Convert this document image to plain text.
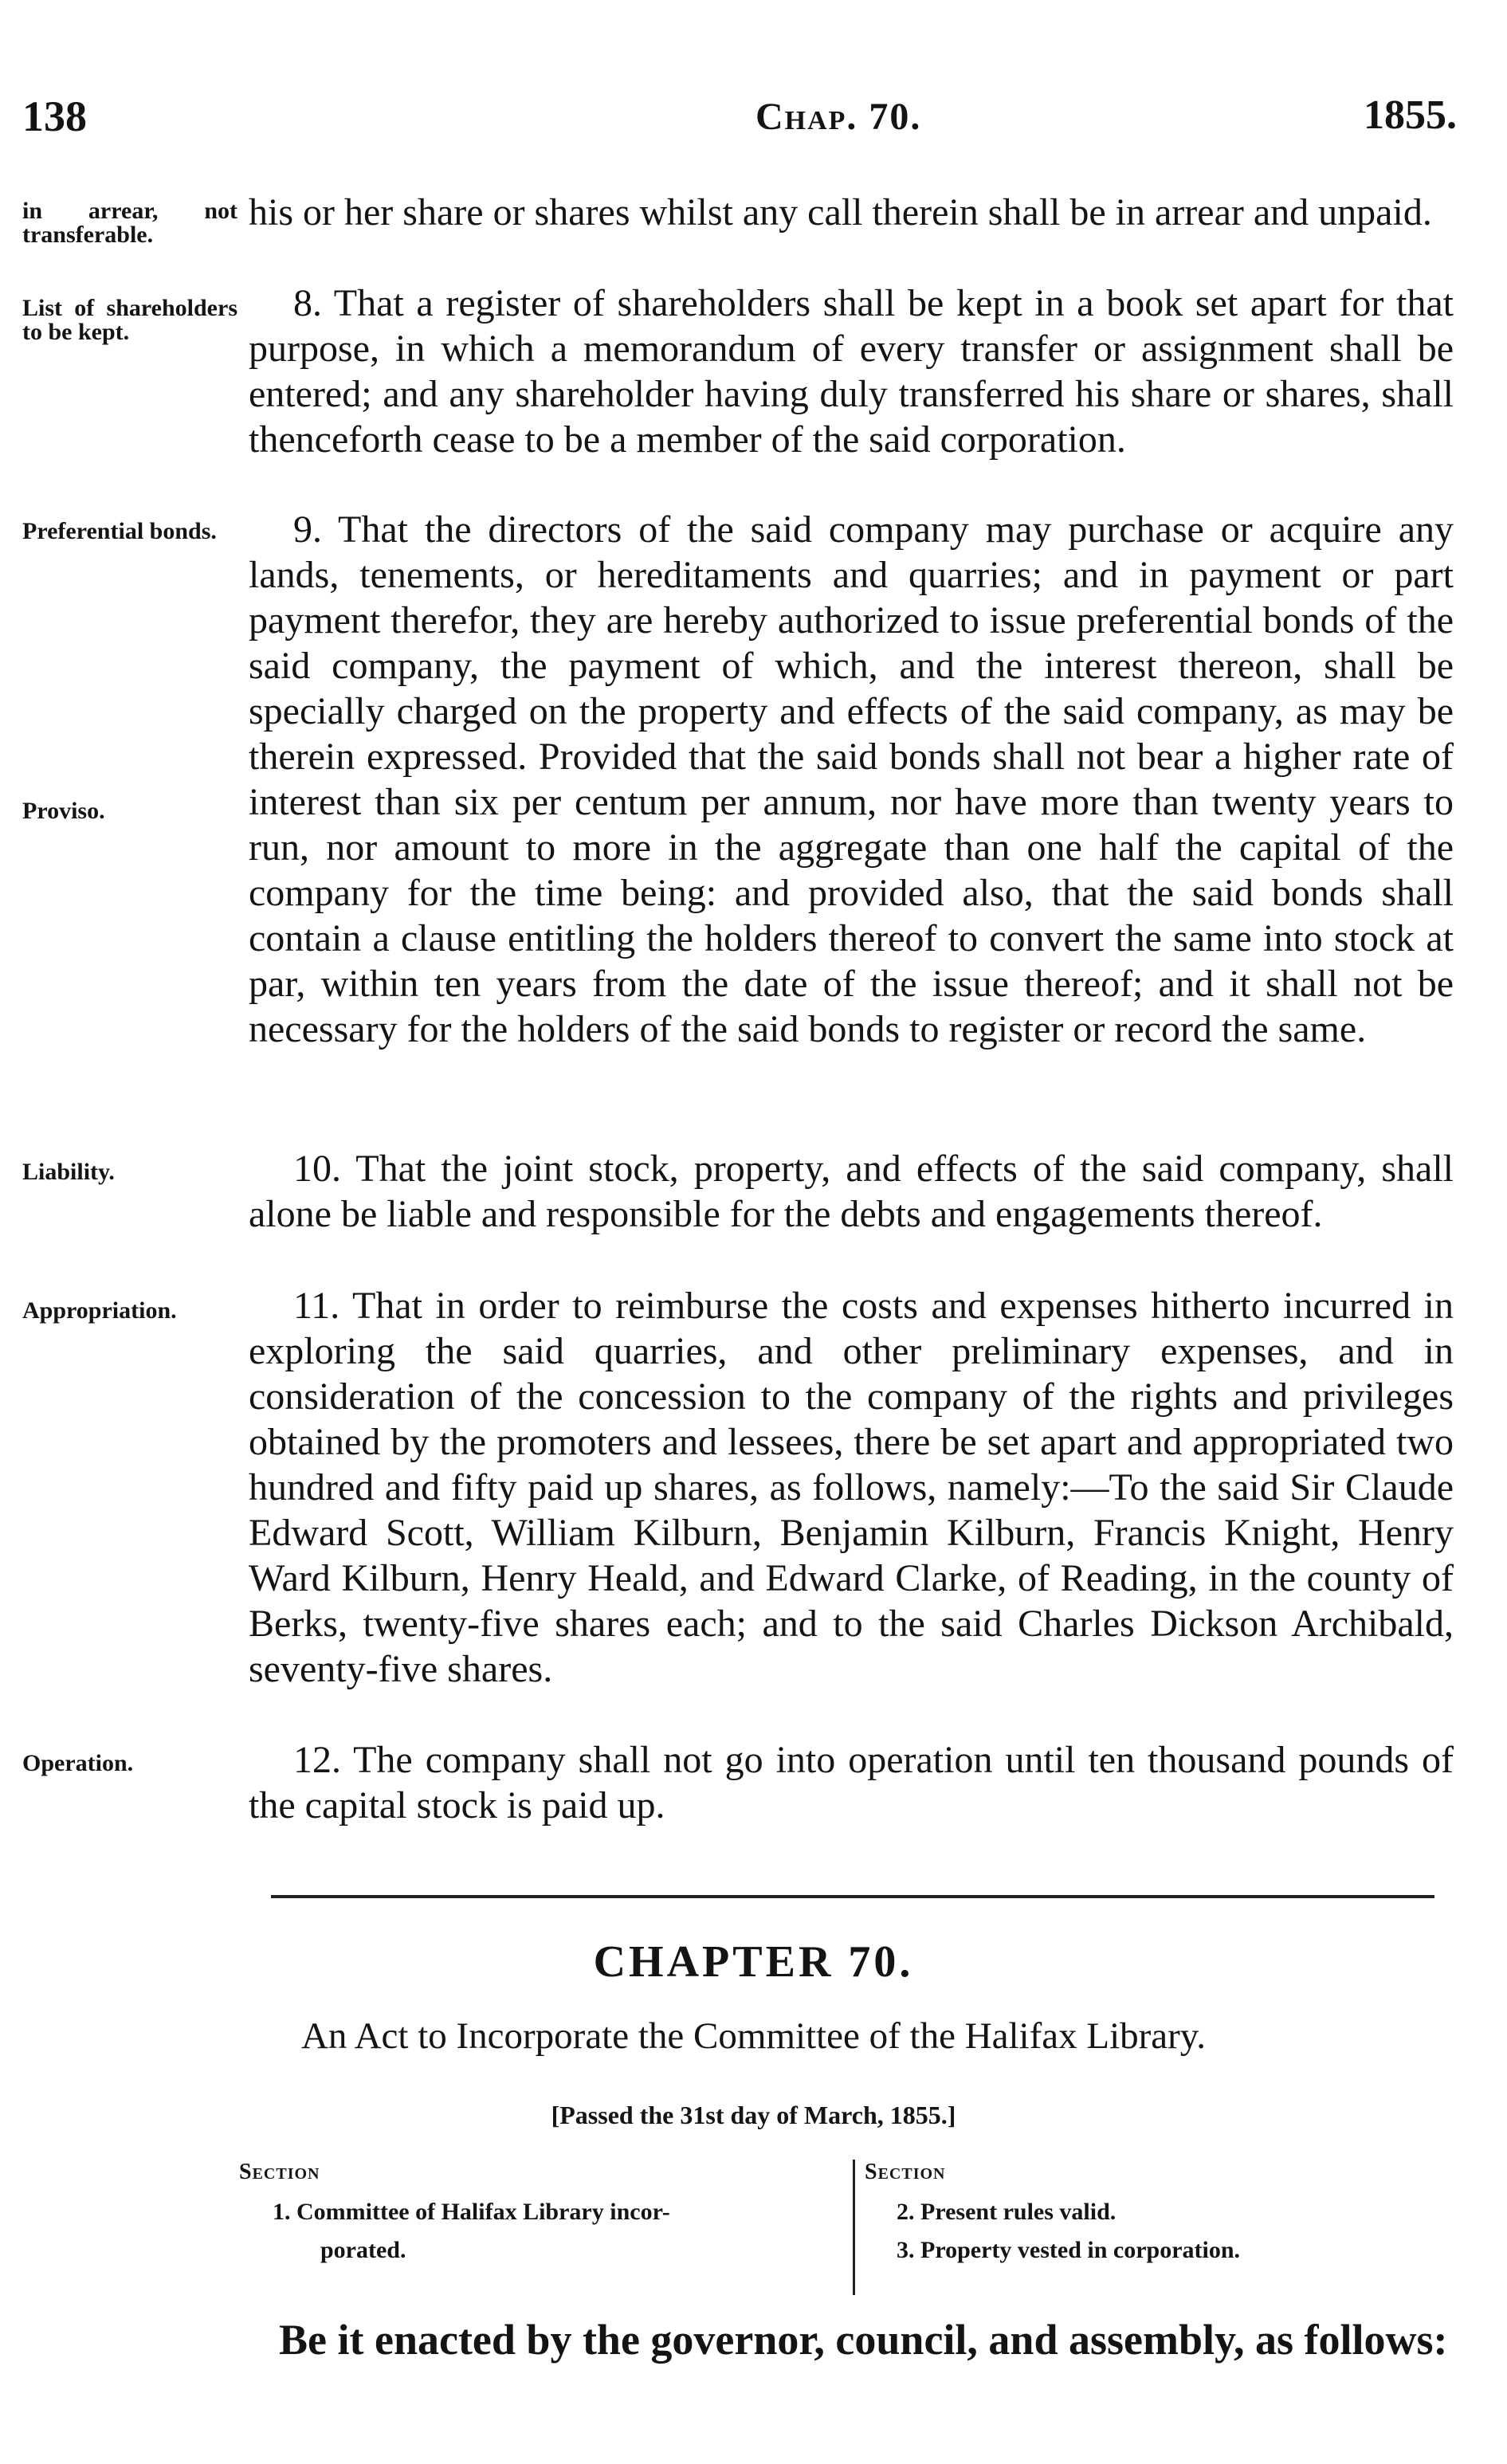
138	Chap. 70.	1855.
in arrear, not transferable.
List of shareholders to be kept.
Preferential bonds.
Proviso.
Liability.
Appropriation.
Operation.
his or her share or shares whilst any call therein shall be in arrear and unpaid.
8. That a register of shareholders shall be kept in a book set apart for that purpose, in which a memorandum of every transfer or assignment shall be entered; and any shareholder having duly transferred his share or shares, shall thenceforth cease to be a member of the said corporation.
9. That the directors of the said company may purchase or acquire any lands, tenements, or hereditaments and quarries; and in payment or part payment therefor, they are hereby authorized to issue preferential bonds of the said company, the payment of which, and the interest thereon, shall be specially charged on the property and effects of the said company, as may be therein expressed. Provided that the said bonds shall not bear a higher rate of interest than six per centum per annum, nor have more than twenty years to run, nor amount to more in the aggregate than one half the capital of the company for the time being: and provided also, that the said bonds shall contain a clause entitling the holders thereof to convert the same into stock at par, within ten years from the date of the issue thereof; and it shall not be necessary for the holders of the said bonds to register or record the same.
10. That the joint stock, property, and effects of the said company, shall alone be liable and responsible for the debts and engagements thereof.
11. That in order to reimburse the costs and expenses hitherto incurred in exploring the said quarries, and other preliminary expenses, and in consideration of the concession to the company of the rights and privileges obtained by the promoters and lessees, there be set apart and appropriated two hundred and fifty paid up shares, as follows, namely:—To the said Sir Claude Edward Scott, William Kilburn, Benjamin Kilburn, Francis Knight, Henry Ward Kilburn, Henry Heald, and Edward Clarke, of Reading, in the county of Berks, twenty-five shares each; and to the said Charles Dickson Archibald, seventy-five shares.
12. The company shall not go into operation until ten thousand pounds of the capital stock is paid up.
CHAPTER 70.
An Act to Incorporate the Committee of the Halifax Library.
[Passed the 31st day of March, 1855.]
Section
1. Committee of Halifax Library incor-
porated.
Section
2. Present rules valid.
3. Property vested in corporation.
Be it enacted by the governor, council, and assembly, as follows:
